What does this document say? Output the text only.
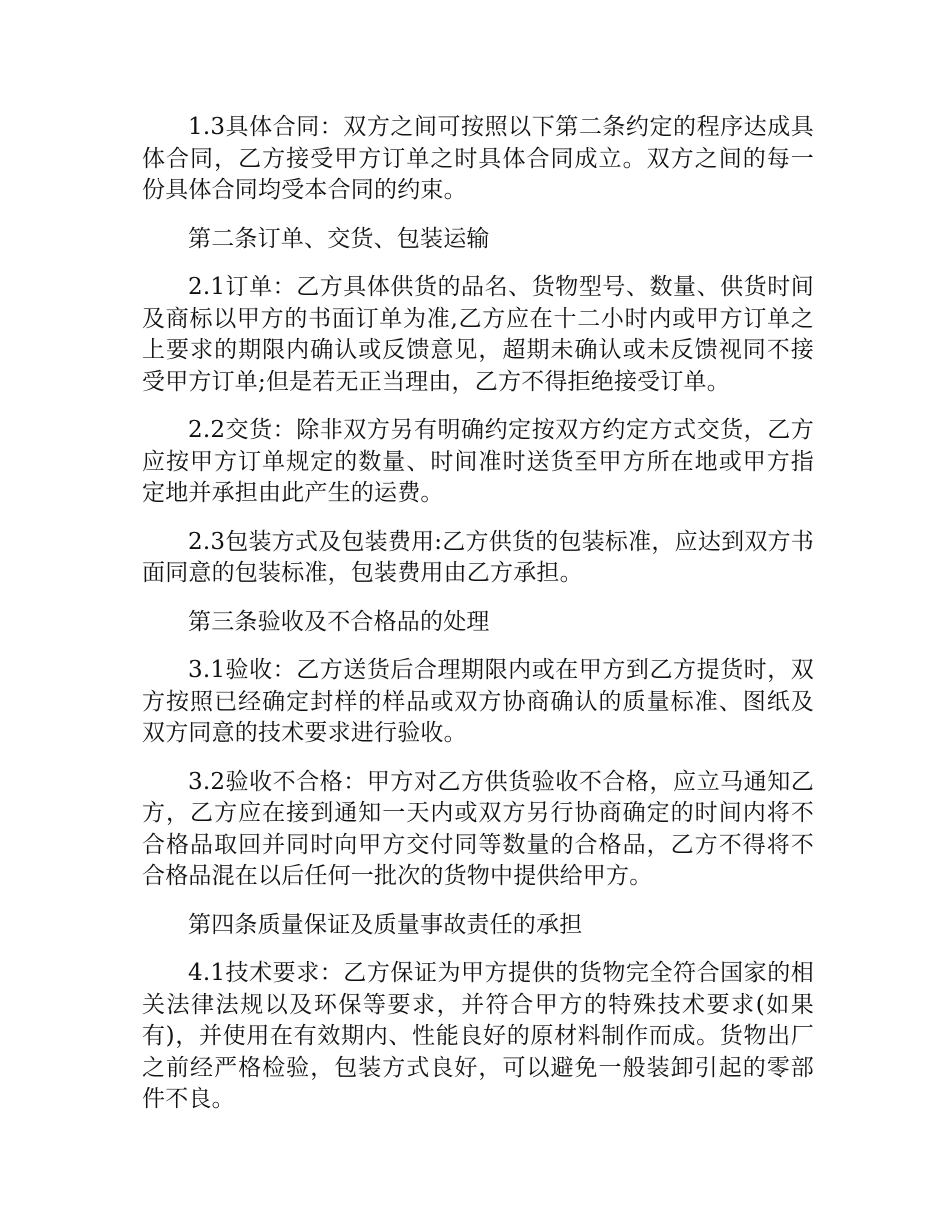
1.3具体合同：双方之间可按照以下第二条约定的程序达成具体合同，乙方接受甲方订单之时具体合同成立。双方之间的每一份具体合同均受本合同的约束。

第二条订单、交货、包装运输

2.1订单：乙方具体供货的品名、货物型号、数量、供货时间及商标以甲方的书面订单为准,乙方应在十二小时内或甲方订单之上要求的期限内确认或反馈意见，超期未确认或未反馈视同不接受甲方订单;但是若无正当理由，乙方不得拒绝接受订单。

2.2交货：除非双方另有明确约定按双方约定方式交货，乙方应按甲方订单规定的数量、时间准时送货至甲方所在地或甲方指定地并承担由此产生的运费。

2.3包装方式及包装费用:乙方供货的包装标准，应达到双方书面同意的包装标准，包装费用由乙方承担。

第三条验收及不合格品的处理

3.1验收：乙方送货后合理期限内或在甲方到乙方提货时，双方按照已经确定封样的样品或双方协商确认的质量标准、图纸及双方同意的技术要求进行验收。

3.2验收不合格：甲方对乙方供货验收不合格，应立马通知乙方，乙方应在接到通知一天内或双方另行协商确定的时间内将不合格品取回并同时向甲方交付同等数量的合格品，乙方不得将不合格品混在以后任何一批次的货物中提供给甲方。

第四条质量保证及质量事故责任的承担

4.1技术要求：乙方保证为甲方提供的货物完全符合国家的相关法律法规以及环保等要求，并符合甲方的特殊技术要求(如果有)，并使用在有效期内、性能良好的原材料制作而成。货物出厂之前经严格检验，包装方式良好，可以避免一般装卸引起的零部件不良。
